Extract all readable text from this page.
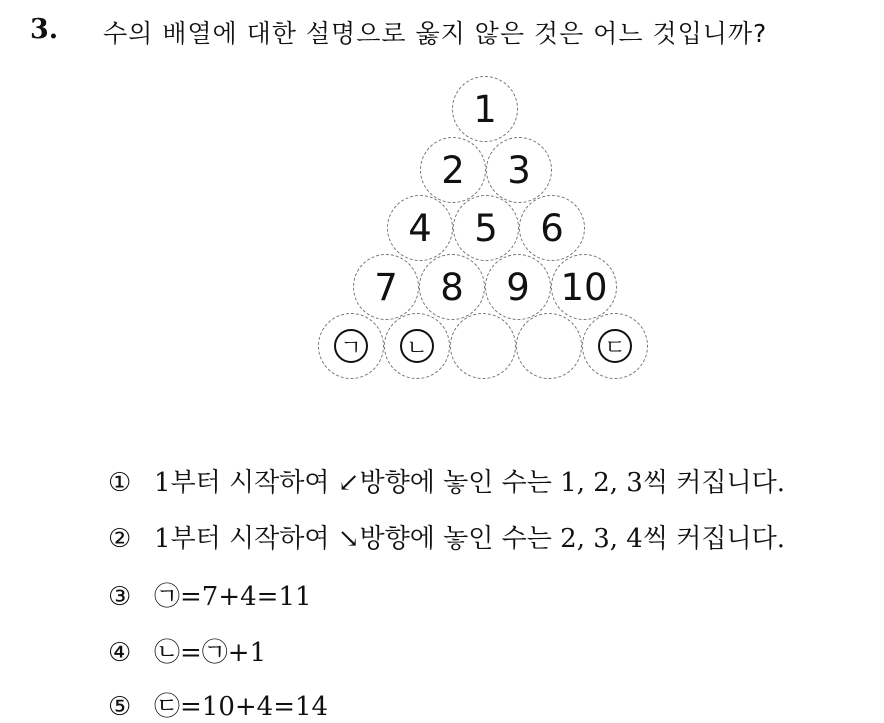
3. 수의 배열에 대한 설명으로 옳지 않은 것은 어느 것입니까?
1
2	3
4	5	6
7	8	9 10
ㄱ ㄴ	ㄷ
① 1부터 시작하여 ↙방향에 놓인 수는 1, 2, 3씩 커집니다.
② 1부터 시작하여 ↘방향에 놓인 수는 2, 3, 4씩 커집니다.
③ ㉠=7+4=11
④ ㉡=㉠+1
⑤ ㉢=10+4=14
